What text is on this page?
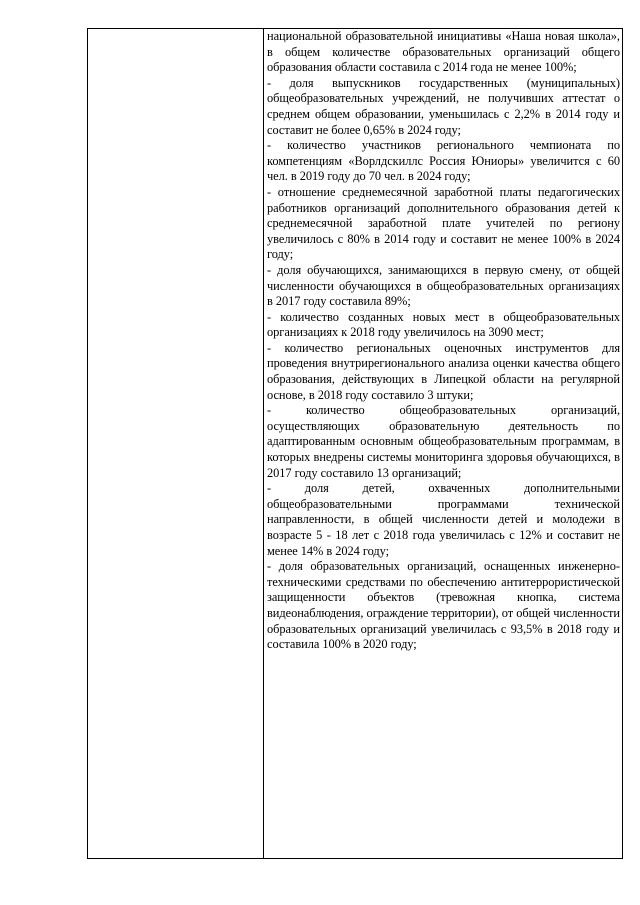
национальной образовательной инициативы «Наша новая школа», в общем количестве образовательных организаций общего образования области составила с 2014 года не менее 100%;

- доля выпускников государственных (муниципальных) общеобразовательных учреждений, не получивших аттестат о среднем общем образовании, уменьшилась с 2,2% в 2014 году и составит не более 0,65% в 2024 году;

- количество участников регионального чемпионата по компетенциям «Ворлдскиллс Россия Юниоры» увеличится с 60 чел. в 2019 году до 70 чел. в 2024 году;

- отношение среднемесячной заработной платы педагогических работников организаций дополнительного образования детей к среднемесячной заработной плате учителей по региону увеличилось с 80% в 2014 году и составит не менее 100% в 2024 году;

- доля обучающихся, занимающихся в первую смену, от общей численности обучающихся в общеобразовательных организациях в 2017 году составила 89%;

- количество созданных новых мест в общеобразовательных организациях к 2018 году увеличилось на 3090 мест;

- количество региональных оценочных инструментов для проведения внутрирегионального анализа оценки качества общего образования, действующих в Липецкой области на регулярной основе, в 2018 году составило 3 штуки;

- количество общеобразовательных организаций, осуществляющих образовательную деятельность по адаптированным основным общеобразовательным программам, в которых внедрены системы мониторинга здоровья обучающихся, в 2017 году составило 13 организаций;

- доля детей, охваченных дополнительными общеобразовательными программами технической направленности, в общей численности детей и молодежи в возрасте 5 - 18 лет с 2018 года увеличилась с 12% и составит не менее 14% в 2024 году;

- доля образовательных организаций, оснащенных инженерно-техническими средствами по обеспечению антитеррористической защищенности объектов (тревожная кнопка, система видеонаблюдения, ограждение территории), от общей численности образовательных организаций увеличилась с 93,5% в 2018 году и составила 100% в 2020 году;
